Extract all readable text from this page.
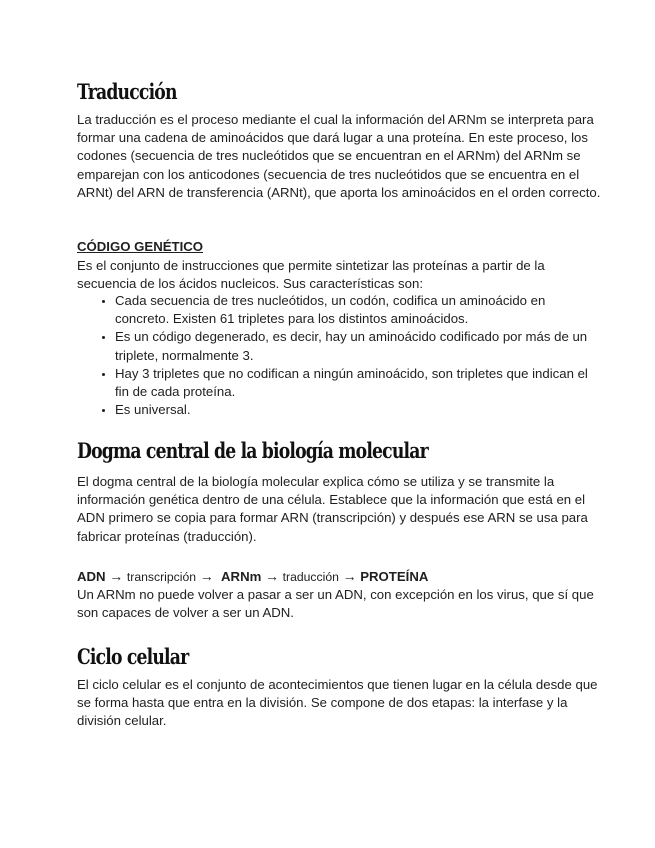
Traducción

La traducción es el proceso mediante el cual la información del ARNm se interpreta para formar una cadena de aminoácidos que dará lugar a una proteína. En este proceso, los codones (secuencia de tres nucleótidos que se encuentran en el ARNm) del ARNm se emparejan con los anticodones (secuencia de tres nucleótidos que se encuentra en el ARNt) del ARN de transferencia (ARNt), que aporta los aminoácidos en el orden correcto.

CÓDIGO GENÉTICO

Es el conjunto de instrucciones que permite sintetizar las proteínas a partir de la secuencia de los ácidos nucleicos. Sus características son:

• Cada secuencia de tres nucleótidos, un codón, codifica un aminoácido en concreto. Existen 61 tripletes para los distintos aminoácidos.
• Es un código degenerado, es decir, hay un aminoácido codificado por más de un triplete, normalmente 3.
• Hay 3 tripletes que no codifican a ningún aminoácido, son tripletes que indican el fin de cada proteína.
• Es universal.
Dogma central de la biología molecular

El dogma central de la biología molecular explica cómo se utiliza y se transmite la información genética dentro de una célula. Establece que la información que está en el ADN primero se copia para formar ARN (transcripción) y después ese ARN se usa para fabricar proteínas (traducción).

ADN → transcripción → ARNm → traducción → PROTEÍNA

Un ARNm no puede volver a pasar a ser un ADN, con excepción en los virus, que sí que son capaces de volver a ser un ADN.

Ciclo celular

El ciclo celular es el conjunto de acontecimientos que tienen lugar en la célula desde que se forma hasta que entra en la división. Se compone de dos etapas: la interfase y la división celular.
